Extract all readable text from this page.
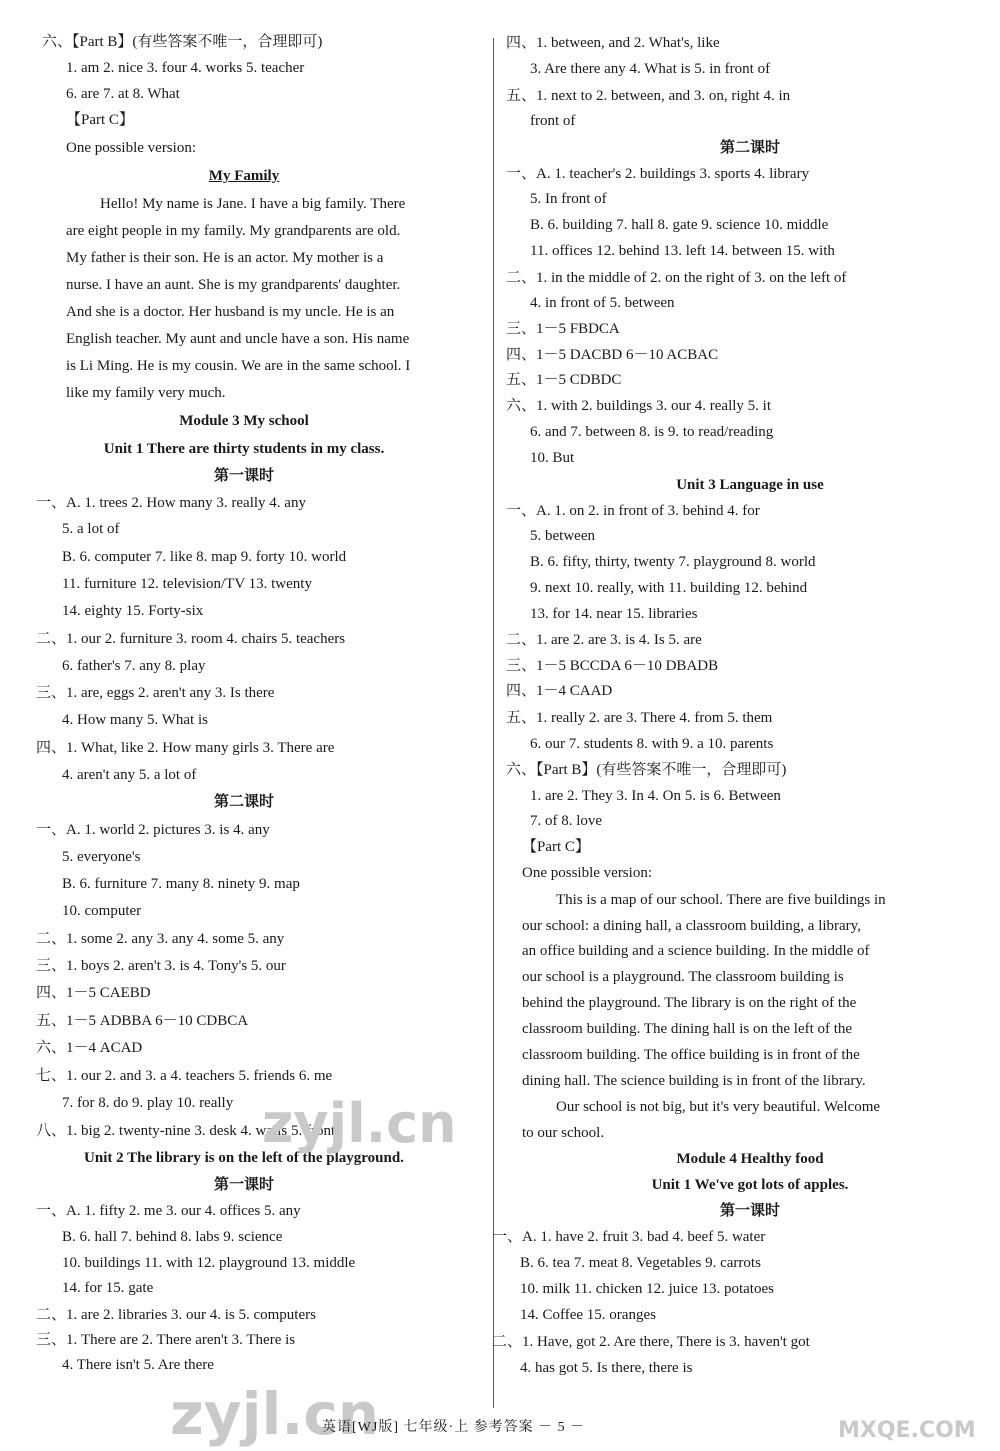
六、【Part B】(有些答案不唯一，合理即可)
1. am 2. nice 3. four 4. works 5. teacher
6. are 7. at 8. What
【Part C】
One possible version:
My Family
Hello! My name is Jane. I have a big family. There
are eight people in my family. My grandparents are old.
My father is their son. He is an actor. My mother is a
nurse. I have an aunt. She is my grandparents' daughter.
And she is a doctor. Her husband is my uncle. He is an
English teacher. My aunt and uncle have a son. His name
is Li Ming. He is my cousin. We are in the same school. I
like my family very much.
Module 3 My school
Unit 1 There are thirty students in my class.
第一课时
一、A. 1. trees 2. How many 3. really 4. any
5. a lot of
B. 6. computer 7. like 8. map 9. forty 10. world
11. furniture 12. television/TV 13. twenty
14. eighty 15. Forty-six
二、1. our 2. furniture 3. room 4. chairs 5. teachers
6. father's 7. any 8. play
三、1. are, eggs 2. aren't any 3. Is there
4. How many 5. What is
四、1. What, like 2. How many girls 3. There are
4. aren't any 5. a lot of
第二课时
一、A. 1. world 2. pictures 3. is 4. any
5. everyone's
B. 6. furniture 7. many 8. ninety 9. map
10. computer
二、1. some 2. any 3. any 4. some 5. any
三、1. boys 2. aren't 3. is 4. Tony's 5. our
四、1－5 CAEBD
五、1－5 ADBBA 6－10 CDBCA
六、1－4 ACAD
七、1. our 2. and 3. a 4. teachers 5. friends 6. me
7. for 8. do 9. play 10. really
八、1. big 2. twenty-nine 3. desk 4. walls 5. front
Unit 2 The library is on the left of the playground.
第一课时
一、A. 1. fifty 2. me 3. our 4. offices 5. any
B. 6. hall 7. behind 8. labs 9. science
10. buildings 11. with 12. playground 13. middle
14. for 15. gate
二、1. are 2. libraries 3. our 4. is 5. computers
三、1. There are 2. There aren't 3. There is
4. There isn't 5. Are there
四、1. between, and 2. What's, like
3. Are there any 4. What is 5. in front of
五、1. next to 2. between, and 3. on, right 4. in
front of
第二课时
一、A. 1. teacher's 2. buildings 3. sports 4. library
5. In front of
B. 6. building 7. hall 8. gate 9. science 10. middle
11. offices 12. behind 13. left 14. between 15. with
二、1. in the middle of 2. on the right of 3. on the left of
4. in front of 5. between
三、1－5 FBDCA
四、1－5 DACBD 6－10 ACBAC
五、1－5 CDBDC
六、1. with 2. buildings 3. our 4. really 5. it
6. and 7. between 8. is 9. to read/reading
10. But
Unit 3 Language in use
一、A. 1. on 2. in front of 3. behind 4. for
5. between
B. 6. fifty, thirty, twenty 7. playground 8. world
9. next 10. really, with 11. building 12. behind
13. for 14. near 15. libraries
二、1. are 2. are 3. is 4. Is 5. are
三、1－5 BCCDA 6－10 DBADB
四、1－4 CAAD
五、1. really 2. are 3. There 4. from 5. them
6. our 7. students 8. with 9. a 10. parents
六、【Part B】(有些答案不唯一，合理即可)
1. are 2. They 3. In 4. On 5. is 6. Between
7. of 8. love
【Part C】
One possible version:
This is a map of our school. There are five buildings in
our school: a dining hall, a classroom building, a library,
an office building and a science building. In the middle of
our school is a playground. The classroom building is
behind the playground. The library is on the right of the
classroom building. The dining hall is on the left of the
classroom building. The office building is in front of the
dining hall. The science building is in front of the library.
Our school is not big, but it's very beautiful. Welcome
to our school.
Module 4 Healthy food
Unit 1 We've got lots of apples.
第一课时
一、A. 1. have 2. fruit 3. bad 4. beef 5. water
B. 6. tea 7. meat 8. Vegetables 9. carrots
10. milk 11. chicken 12. juice 13. potatoes
14. Coffee 15. oranges
二、1. Have, got 2. Are there, There is 3. haven't got
4. has got 5. Is there, there is
zyjl.cn
zyjl.cn	MXQE.COM
英语[WJ版] 七年级·上 参考答案 － 5 －
